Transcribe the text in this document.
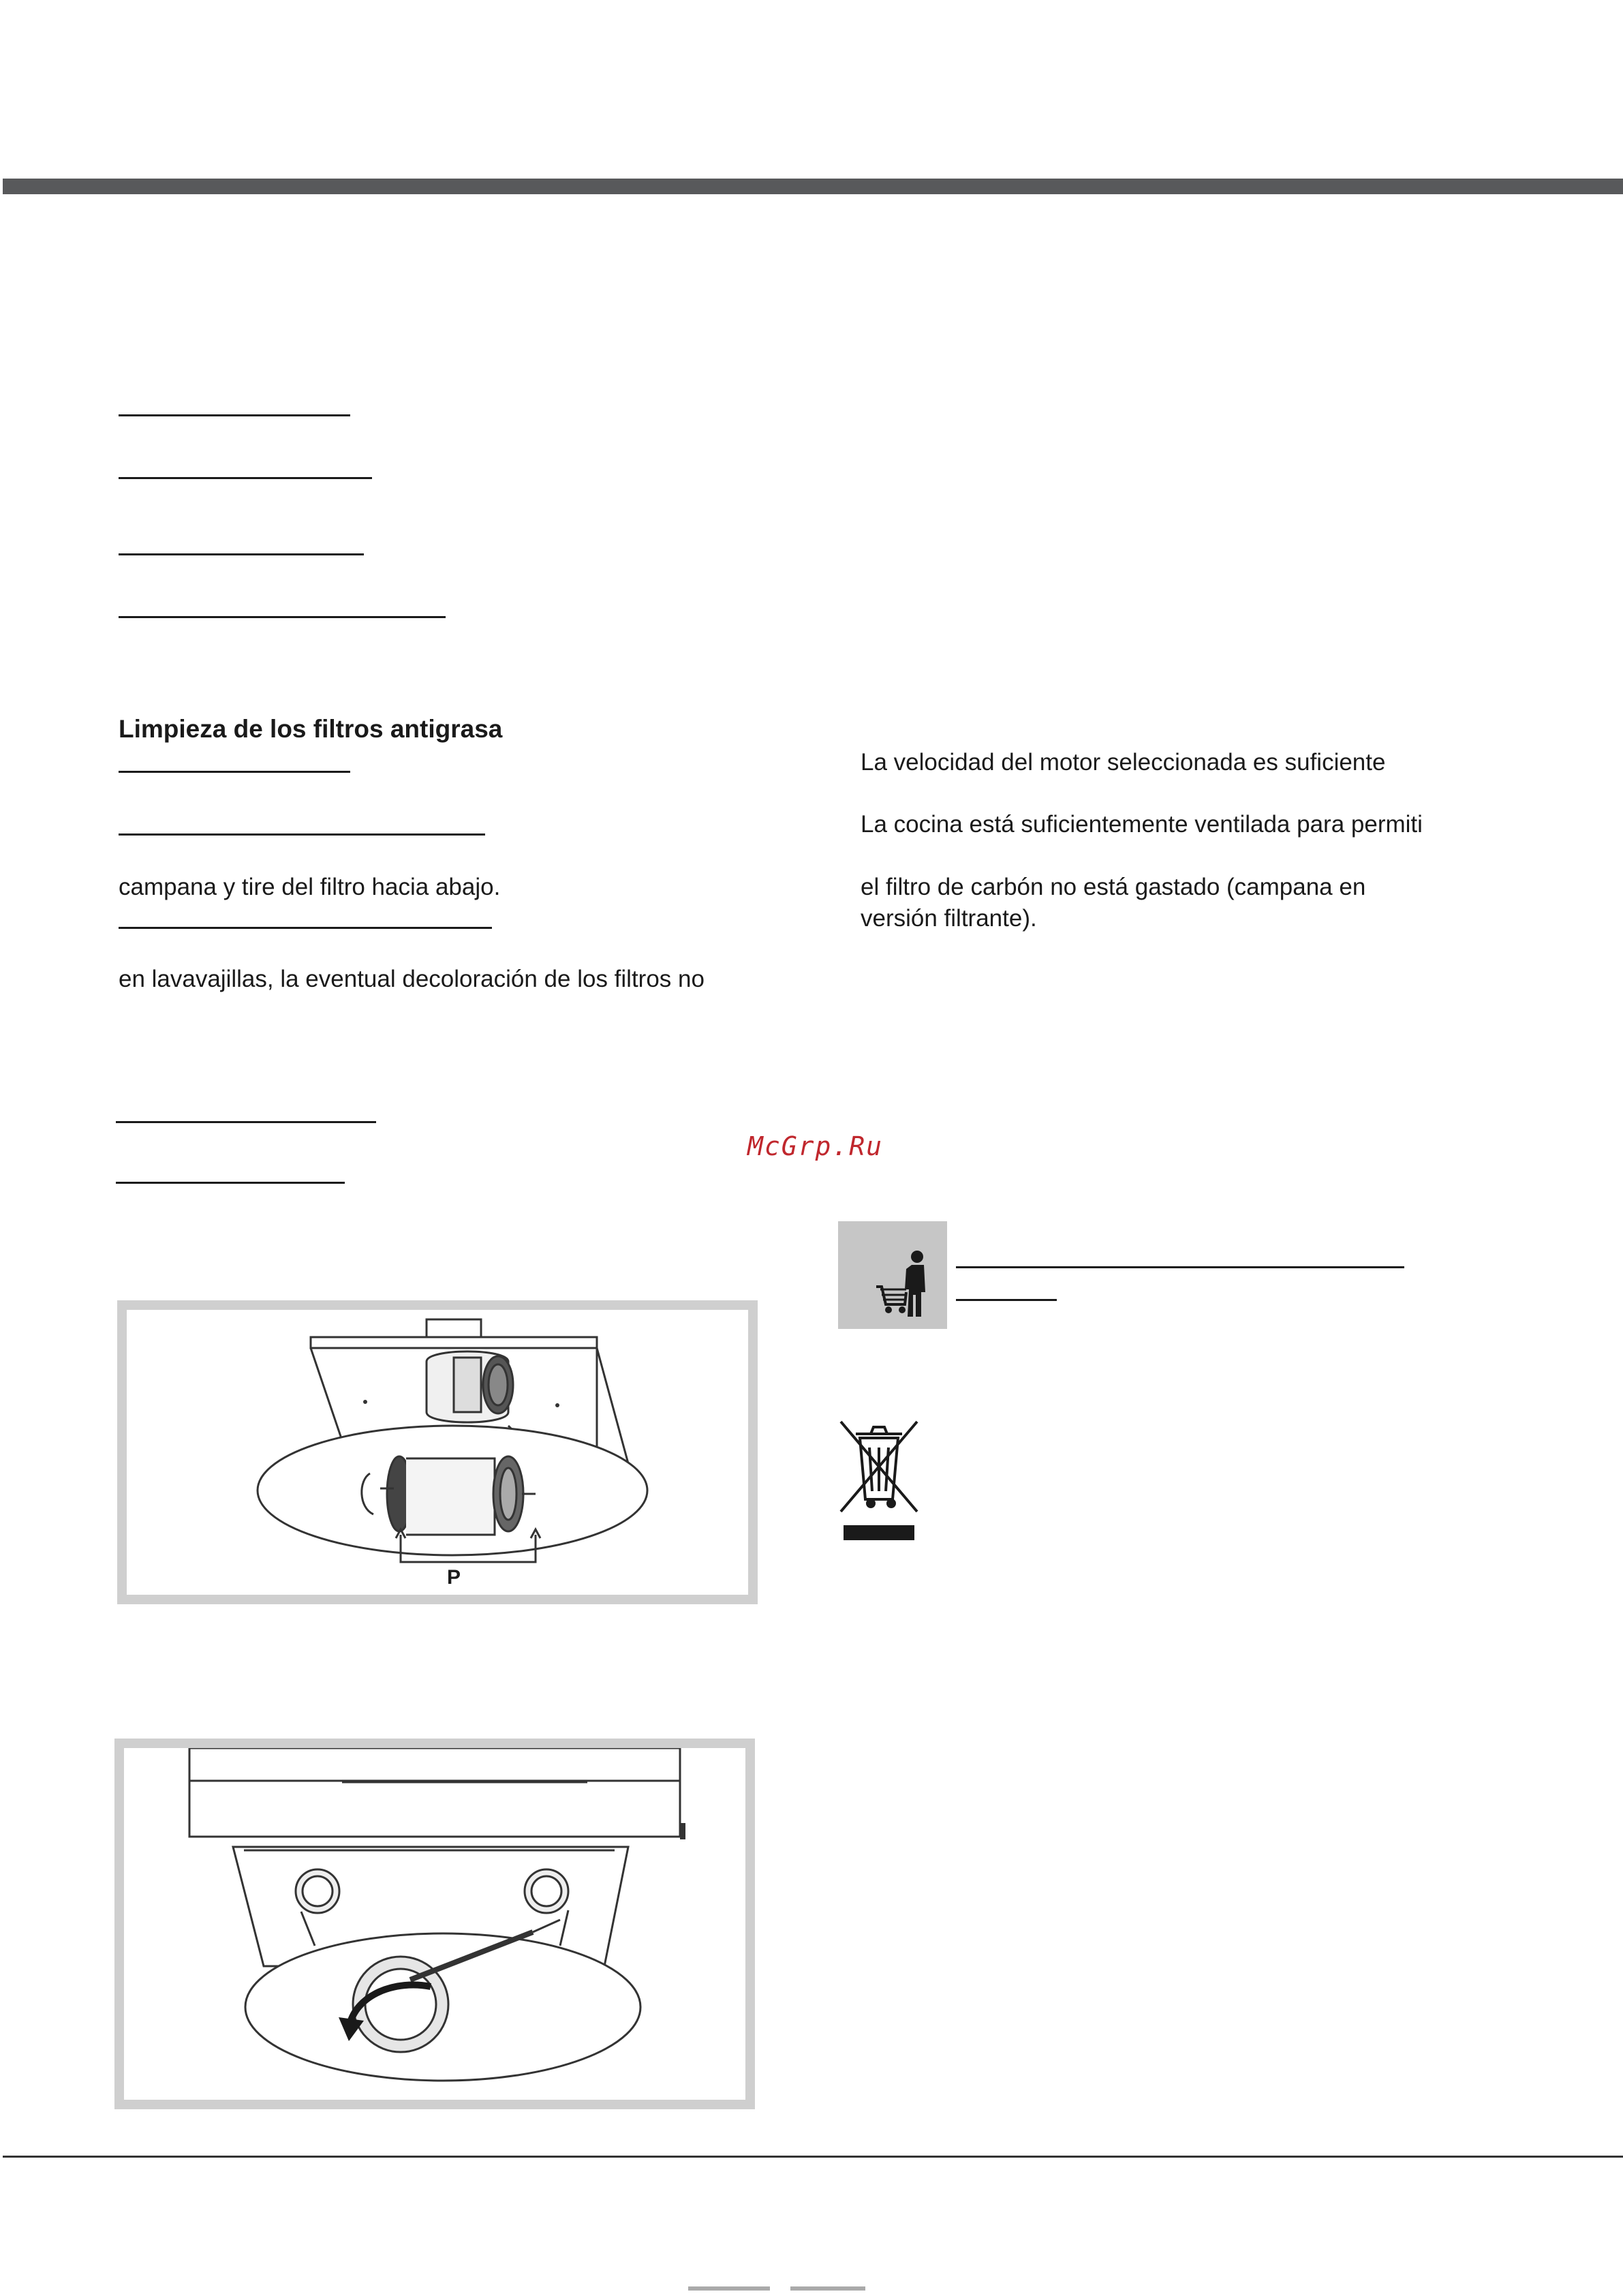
Limpieza de los filtros antigrasa
campana y tire del filtro hacia abajo.
en lavavajillas, la eventual decoloración de los filtros no
La velocidad del motor seleccionada es suficiente
La cocina está suficientemente ventilada para permiti
el filtro de carbón no está gastado (campana en
versión filtrante).
McGrp.Ru
P
